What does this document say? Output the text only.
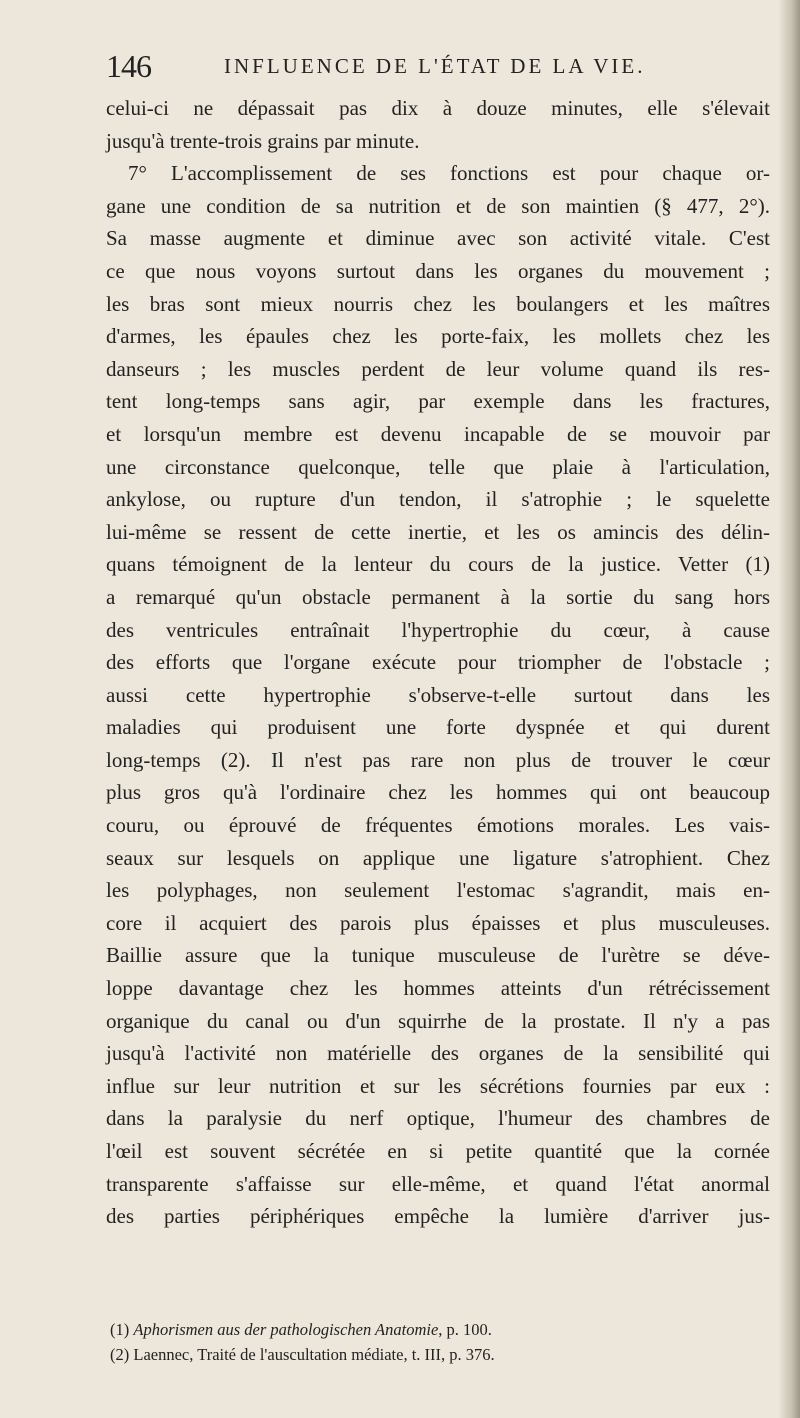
146	INFLUENCE DE L'ÉTAT DE LA VIE.
celui-ci ne dépassait pas dix à douze minutes, elle s'élevait
jusqu'à trente-trois grains par minute.
7° L'accomplissement de ses fonctions est pour chaque or-
gane une condition de sa nutrition et de son maintien (§ 477, 2°).
Sa masse augmente et diminue avec son activité vitale. C'est
ce que nous voyons surtout dans les organes du mouvement ;
les bras sont mieux nourris chez les boulangers et les maîtres
d'armes, les épaules chez les porte-faix, les mollets chez les
danseurs ; les muscles perdent de leur volume quand ils res-
tent long-temps sans agir, par exemple dans les fractures,
et lorsqu'un membre est devenu incapable de se mouvoir par
une circonstance quelconque, telle que plaie à l'articulation,
ankylose, ou rupture d'un tendon, il s'atrophie ; le squelette
lui-même se ressent de cette inertie, et les os amincis des délin-
quans témoignent de la lenteur du cours de la justice. Vetter (1)
a remarqué qu'un obstacle permanent à la sortie du sang hors
des ventricules entraînait l'hypertrophie du cœur, à cause
des efforts que l'organe exécute pour triompher de l'obstacle ;
aussi cette hypertrophie s'observe-t-elle surtout dans les
maladies qui produisent une forte dyspnée et qui durent
long-temps (2). Il n'est pas rare non plus de trouver le cœur
plus gros qu'à l'ordinaire chez les hommes qui ont beaucoup
couru, ou éprouvé de fréquentes émotions morales. Les vais-
seaux sur lesquels on applique une ligature s'atrophient. Chez
les polyphages, non seulement l'estomac s'agrandit, mais en-
core il acquiert des parois plus épaisses et plus musculeuses.
Baillie assure que la tunique musculeuse de l'urètre se déve-
loppe davantage chez les hommes atteints d'un rétrécissement
organique du canal ou d'un squirrhe de la prostate. Il n'y a pas
jusqu'à l'activité non matérielle des organes de la sensibilité qui
influe sur leur nutrition et sur les sécrétions fournies par eux :
dans la paralysie du nerf optique, l'humeur des chambres de
l'œil est souvent sécrétée en si petite quantité que la cornée
transparente s'affaisse sur elle-même, et quand l'état anormal
des parties périphériques empêche la lumière d'arriver jus-
(1) Aphorismen aus der pathologischen Anatomie, p. 100.
(2) Laennec, Traité de l'auscultation médiate, t. III, p. 376.
